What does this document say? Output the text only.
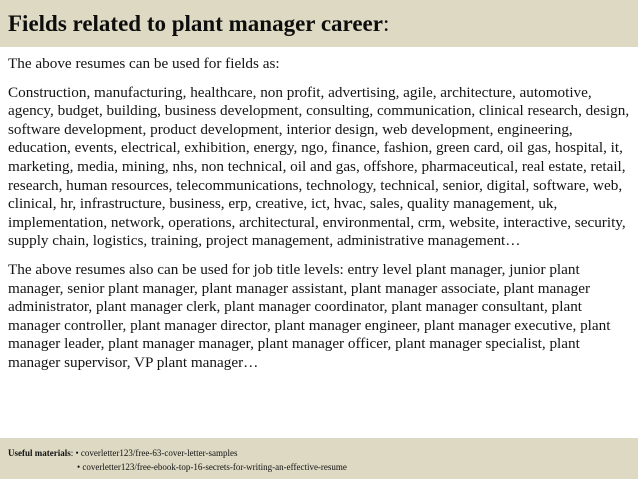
Fields related to plant manager career:

The above resumes can be used for fields as:

Construction, manufacturing, healthcare, non profit, advertising, agile, architecture, automotive, agency, budget, building, business development, consulting, communication, clinical research, design, software development, product development, interior design, web development, engineering, education, events, electrical, exhibition, energy, ngo, finance, fashion, green card, oil gas, hospital, it, marketing, media, mining, nhs, non technical, oil and gas, offshore, pharmaceutical, real estate, retail, research, human resources, telecommunications, technology, technical, senior, digital, software, web, clinical, hr, infrastructure, business, erp, creative, ict, hvac, sales, quality management, uk, implementation, network, operations, architectural, environmental, crm, website, interactive, security, supply chain, logistics, training, project management, administrative management…

The above resumes also can be used for job title levels: entry level plant manager, junior plant manager, senior plant manager, plant manager assistant, plant manager associate, plant manager administrator, plant manager clerk, plant manager coordinator, plant manager consultant, plant manager controller, plant manager director, plant manager engineer, plant manager executive, plant manager leader, plant manager manager, plant manager officer, plant manager specialist, plant manager supervisor, VP plant manager…

Useful materials: • coverletter123/free-63-cover-letter-samples
• coverletter123/free-ebook-top-16-secrets-for-writing-an-effective-resume
